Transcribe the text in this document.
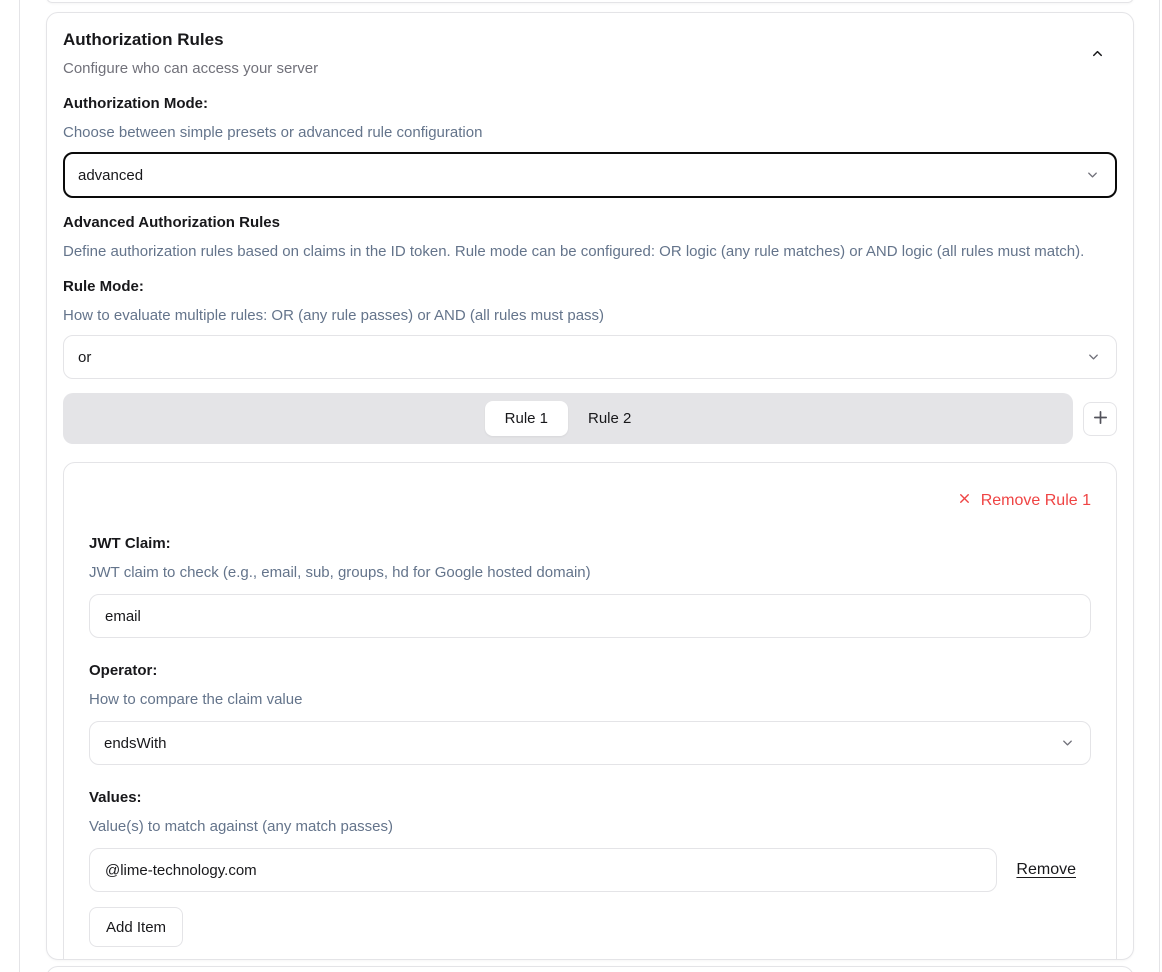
Authorization Rules
Configure who can access your server
Authorization Mode:
Choose between simple presets or advanced rule configuration
advanced
Advanced Authorization Rules
Define authorization rules based on claims in the ID token. Rule mode can be configured: OR logic (any rule matches) or AND logic (all rules must match).
Rule Mode:
How to evaluate multiple rules: OR (any rule passes) or AND (all rules must pass)
or
Rule 1	Rule 2
Remove Rule 1
JWT Claim:
JWT claim to check (e.g., email, sub, groups, hd for Google hosted domain)
email
Operator:
How to compare the claim value
endsWith
Values:
Value(s) to match against (any match passes)
@lime-technology.com
Remove
Add Item
